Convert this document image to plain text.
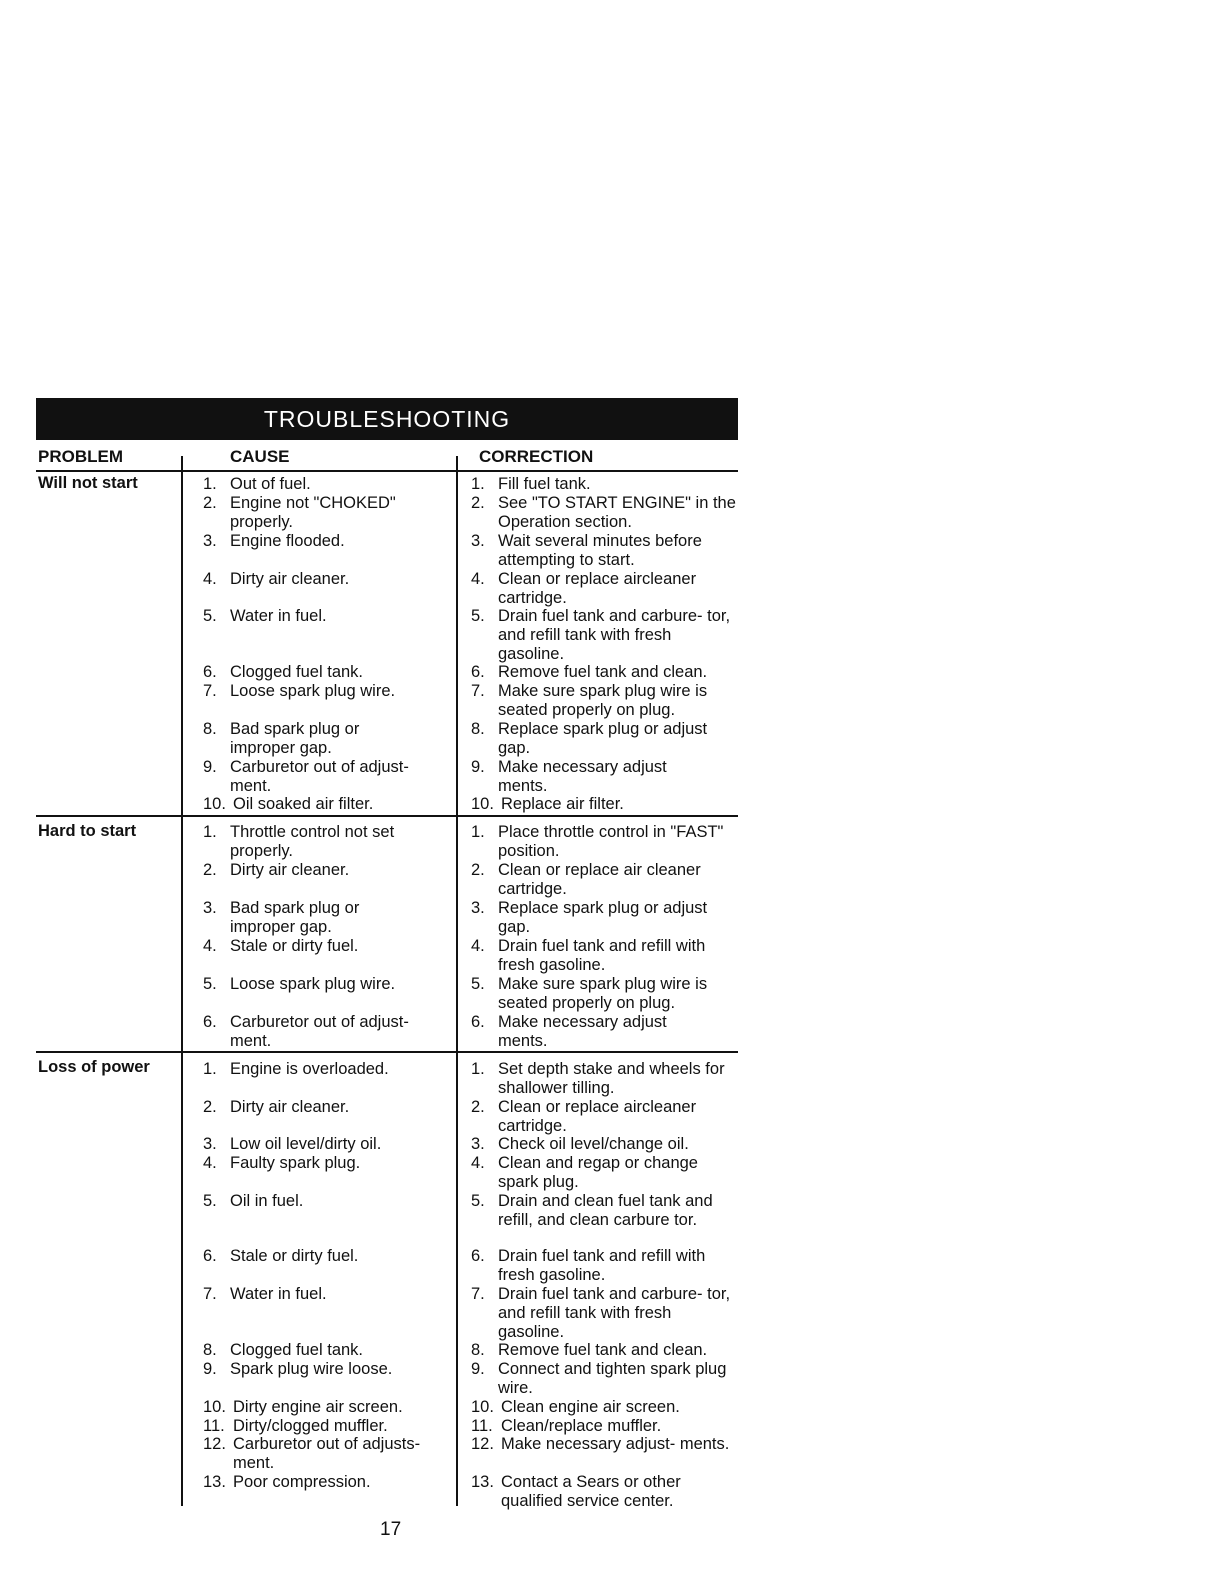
TROUBLESHOOTING
PROBLEM	CAUSE	CORRECTION
Will not start
Hard to start
Loss of power
1. Out of fuel.
2. Engine not "CHOKED" properly.
3. Engine flooded.
4. Dirty air cleaner.
5. Water in fuel.
6. Clogged fuel tank.
7. Loose spark plug wire.
8. Bad spark plug or improper gap.
9. Carburetor out of adjust- ment.
10. Oil soaked air filter.
1. Fill fuel tank.
2. See "TO START ENGINE" in the Operation section.
3. Wait several minutes before attempting to start.
4. Clean or replace aircleaner cartridge.
5. Drain fuel tank and carbure- tor, and refill tank with fresh gasoline.
6. Remove fuel tank and clean.
7. Make sure spark plug wire is seated properly on plug.
8. Replace spark plug or adjust gap.
9. Make necessary adjust ments.
10. Replace air filter.
1. Throttle control not set properly.
2. Dirty air cleaner.
3. Bad spark plug or improper gap.
4. Stale or dirty fuel.
5. Loose spark plug wire.
6. Carburetor out of adjust- ment.
1. Place throttle control in "FAST" position.
2. Clean or replace air cleaner cartridge.
3. Replace spark plug or adjust gap.
4. Drain fuel tank and refill with fresh gasoline.
5. Make sure spark plug wire is seated properly on plug.
6. Make necessary adjust ments.
1. Engine is overloaded.
2. Dirty air cleaner.
3. Low oil level/dirty oil.
4. Faulty spark plug.
5. Oil in fuel.
6. Stale or dirty fuel.
7. Water in fuel.
8. Clogged fuel tank.
9. Spark plug wire loose.
10. Dirty engine air screen.
11. Dirty/clogged muffler.
12. Carburetor out of adjusts- ment.
13. Poor compression.
1. Set depth stake and wheels for shallower tilling.
2. Clean or replace aircleaner cartridge.
3. Check oil level/change oil.
4. Clean and regap or change spark plug.
5. Drain and clean fuel tank and refill, and clean carbure tor.
6. Drain fuel tank and refill with fresh gasoline.
7. Drain fuel tank and carbure- tor, and refill tank with fresh gasoline.
8. Remove fuel tank and clean.
9. Connect and tighten spark plug wire.
10. Clean engine air screen.
11. Clean/replace muffler.
12. Make necessary adjust- ments.
13. Contact a Sears or other qualified service center.
17
